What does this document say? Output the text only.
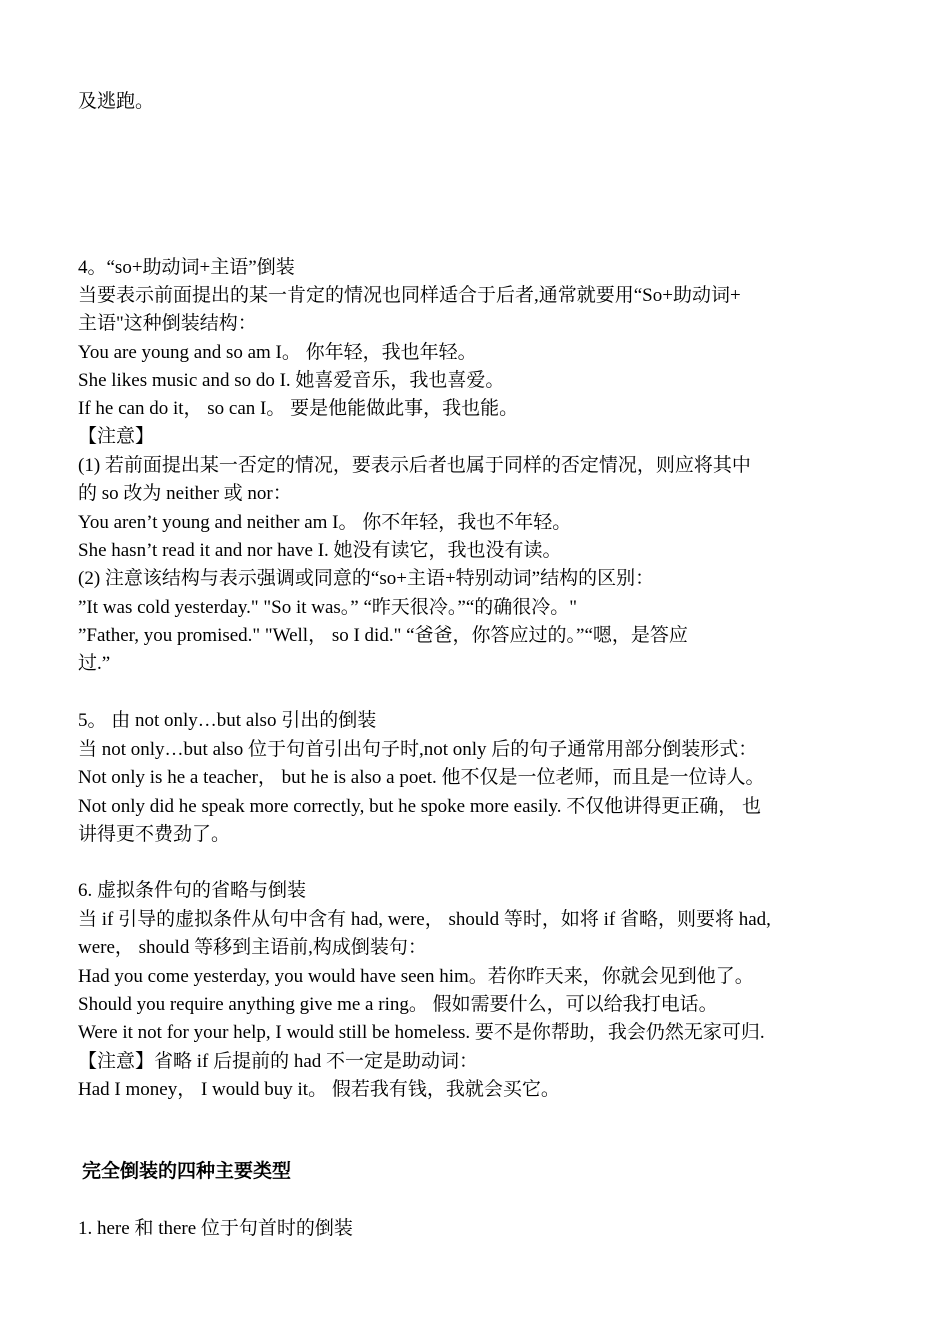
及逃跑。
4。“so+助动词+主语”倒装
当要表示前面提出的某一肯定的情况也同样适合于后者,通常就要用“So+助动词+
主语"这种倒装结构：
You are young and so am I。 你年轻，我也年轻。
She likes music and so do I. 她喜爱音乐，我也喜爱。
If he can do it， so can I。 要是他能做此事，我也能。
【注意】
(1) 若前面提出某一否定的情况，要表示后者也属于同样的否定情况，则应将其中
的 so 改为 neither 或 nor：
You aren’t young and neither am I。 你不年轻，我也不年轻。
She hasn’t read it and nor have I. 她没有读它，我也没有读。
(2) 注意该结构与表示强调或同意的“so+主语+特别动词”结构的区别：
”It was cold yesterday." "So it was。” “昨天很冷。”“的确很冷。"
”Father, you promised." "Well， so I did." “爸爸，你答应过的。”“嗯，是答应
过.”
5。 由 not only…but also 引出的倒装
当 not only…but also 位于句首引出句子时,not only 后的句子通常用部分倒装形式：
Not only is he a teacher， but he is also a poet. 他不仅是一位老师，而且是一位诗人。
Not only did he speak more correctly, but he spoke more easily. 不仅他讲得更正确， 也
讲得更不费劲了。
6. 虚拟条件句的省略与倒装
当 if 引导的虚拟条件从句中含有 had, were， should 等时，如将 if 省略，则要将 had,
were， should 等移到主语前,构成倒装句：
Had you come yesterday, you would have seen him。若你昨天来，你就会见到他了。
Should you require anything give me a ring。 假如需要什么，可以给我打电话。
Were it not for your help, I would still be homeless. 要不是你帮助，我会仍然无家可归.
【注意】省略 if 后提前的 had 不一定是助动词：
Had I money， I would buy it。 假若我有钱，我就会买它。
完全倒装的四种主要类型
1. here 和 there 位于句首时的倒装
